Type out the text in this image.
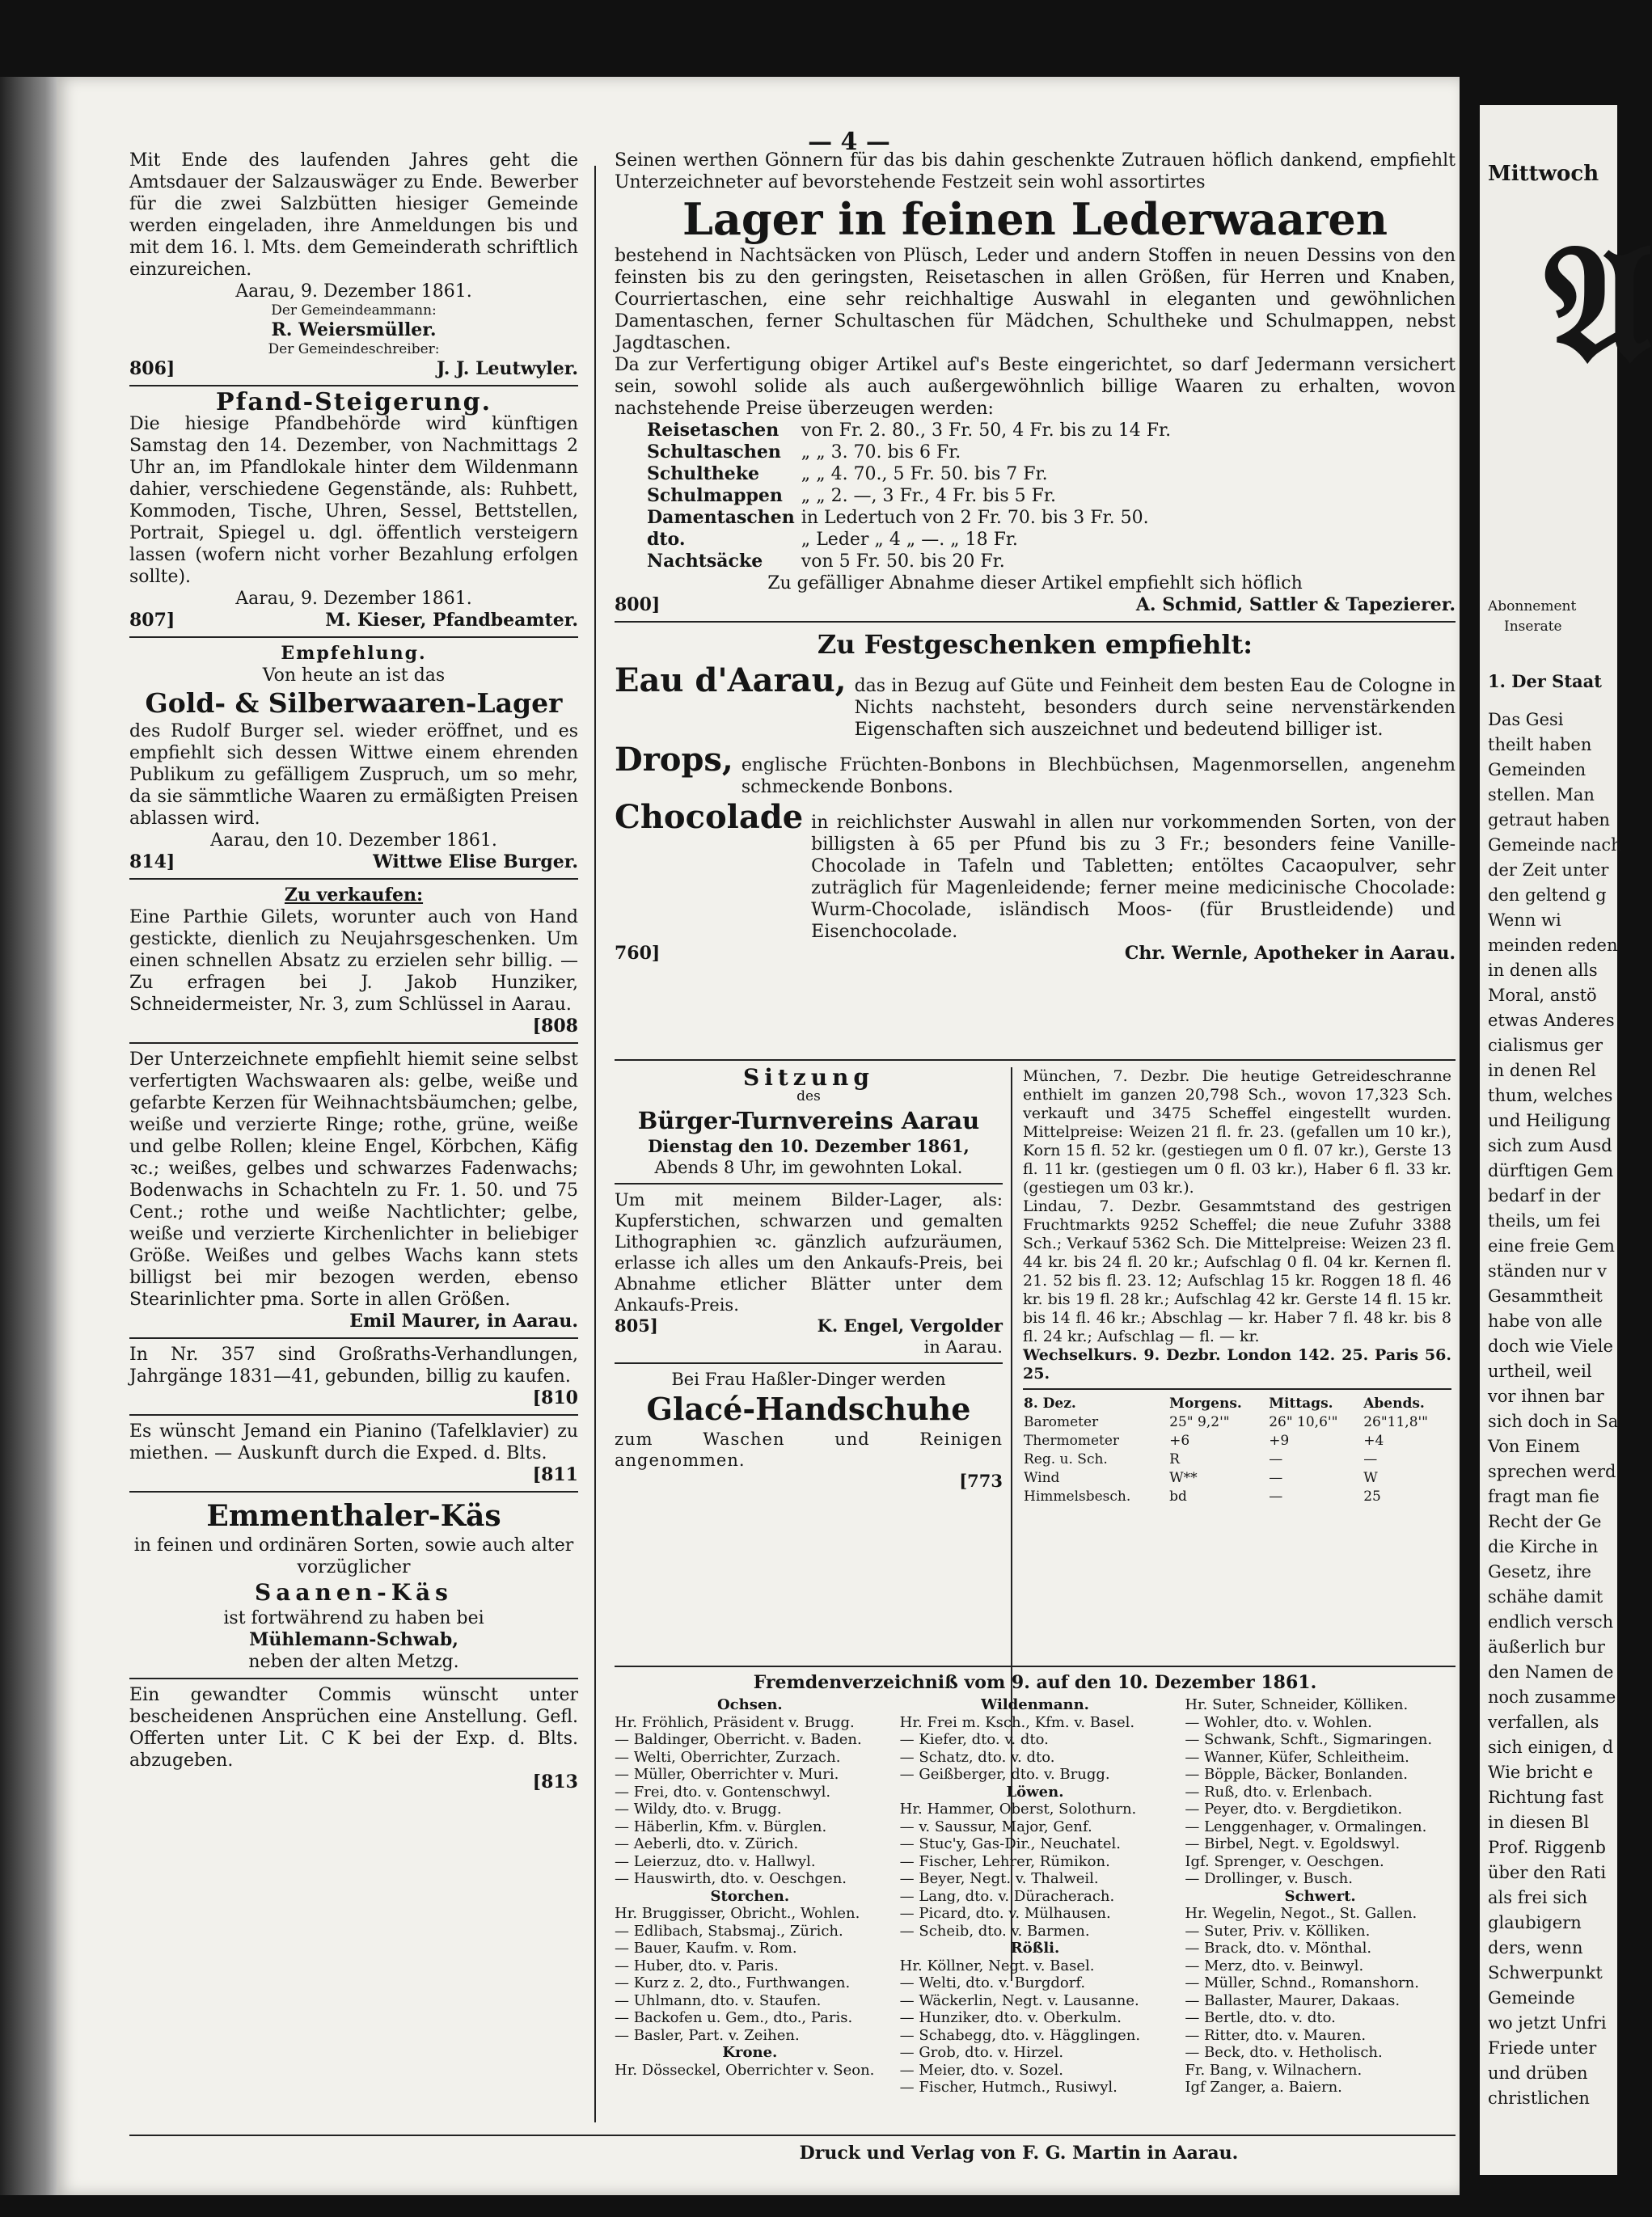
— 4 —
Mit Ende des laufenden Jahres geht die Amtsdauer der Salzauswäger zu Ende. Bewerber für die zwei Salzbütten hiesiger Gemeinde werden eingeladen, ihre Anmeldungen bis und mit dem 16. l. Mts. dem Gemeinderath schriftlich einzureichen.
Aarau, 9. Dezember 1861.
Der Gemeindeammann:
R. Weiersmüller.
Der Gemeindeschreiber:
806]	J. J. Leutwyler.
Pfand-Steigerung.
Die hiesige Pfandbehörde wird künftigen Samstag den 14. Dezember, von Nachmittags 2 Uhr an, im Pfandlokale hinter dem Wildenmann dahier, verschiedene Gegenstände, als: Ruhbett, Kommoden, Tische, Uhren, Sessel, Bettstellen, Portrait, Spiegel u. dgl. öffentlich versteigern lassen (wofern nicht vorher Bezahlung erfolgen sollte).
Aarau, 9. Dezember 1861.
807]	M. Kieser, Pfandbeamter.
Empfehlung.
Von heute an ist das
Gold- & Silberwaaren-Lager
des Rudolf Burger sel. wieder eröffnet, und es empfiehlt sich dessen Wittwe einem ehrenden Publikum zu gefälligem Zuspruch, um so mehr, da sie sämmtliche Waaren zu ermäßigten Preisen ablassen wird.
Aarau, den 10. Dezember 1861.
814]	Wittwe Elise Burger.
Zu verkaufen:
Eine Parthie Gilets, worunter auch von Hand gestickte, dienlich zu Neujahrsgeschenken. Um einen schnellen Absatz zu erzielen sehr billig. — Zu erfragen bei J. Jakob Hunziker, Schneidermeister, Nr. 3, zum Schlüssel in Aarau.
[808
Der Unterzeichnete empfiehlt hiemit seine selbst verfertigten Wachswaaren als: gelbe, weiße und gefarbte Kerzen für Weihnachtsbäumchen; gelbe, weiße und verzierte Ringe; rothe, grüne, weiße und gelbe Rollen; kleine Engel, Körbchen, Käfig ꝛc.; weißes, gelbes und schwarzes Fadenwachs; Bodenwachs in Schachteln zu Fr. 1. 50. und 75 Cent.; rothe und weiße Nachtlichter; gelbe, weiße und verzierte Kirchenlichter in beliebiger Größe. Weißes und gelbes Wachs kann stets billigst bei mir bezogen werden, ebenso Stearinlichter pma. Sorte in allen Größen.
Emil Maurer, in Aarau.
In Nr. 357 sind Großraths-Verhandlungen, Jahrgänge 1831—41, gebunden, billig zu kaufen.
[810
Es wünscht Jemand ein Pianino (Tafelklavier) zu miethen. — Auskunft durch die Exped. d. Blts.
[811
Emmenthaler-Käs
in feinen und ordinären Sorten, sowie auch alter vorzüglicher
Saanen-Käs
ist fortwährend zu haben bei
Mühlemann-Schwab,
neben der alten Metzg.
Ein gewandter Commis wünscht unter bescheidenen Ansprüchen eine Anstellung. Gefl. Offerten unter Lit. C K bei der Exp. d. Blts. abzugeben.
[813
Seinen werthen Gönnern für das bis dahin geschenkte Zutrauen höflich dankend, empfiehlt Unterzeichneter auf bevorstehende Festzeit sein wohl assortirtes
Lager in feinen Lederwaaren
bestehend in Nachtsäcken von Plüsch, Leder und andern Stoffen in neuen Dessins von den feinsten bis zu den geringsten, Reisetaschen in allen Größen, für Herren und Knaben, Courriertaschen, eine sehr reichhaltige Auswahl in eleganten und gewöhnlichen Damentaschen, ferner Schultaschen für Mädchen, Schultheke und Schulmappen, nebst Jagdtaschen.
Da zur Verfertigung obiger Artikel auf's Beste eingerichtet, so darf Jedermann versichert sein, sowohl solide als auch außergewöhnlich billige Waaren zu erhalten, wovon nachstehende Preise überzeugen werden:
Reisetaschen	von Fr. 2. 80., 3 Fr. 50, 4 Fr. bis zu 14 Fr.
Schultaschen	„ „ 3. 70. bis 6 Fr.
Schultheke	„ „ 4. 70., 5 Fr. 50. bis 7 Fr.
Schulmappen	„ „ 2. —, 3 Fr., 4 Fr. bis 5 Fr.
Damentaschen	in Ledertuch von 2 Fr. 70. bis 3 Fr. 50.
dto.	„ Leder „ 4 „ —. „ 18 Fr.
Nachtsäcke	von 5 Fr. 50. bis 20 Fr.
Zu gefälliger Abnahme dieser Artikel empfiehlt sich höflich
800]	A. Schmid, Sattler & Tapezierer.
Zu Festgeschenken empfiehlt:
Eau d'Aarau, das in Bezug auf Güte und Feinheit dem besten Eau de Cologne in Nichts nachsteht, besonders durch seine nervenstärkenden Eigenschaften sich auszeichnet und bedeutend billiger ist.
Drops, englische Früchten-Bonbons in Blechbüchsen, Magenmorsellen, angenehm schmeckende Bonbons.
Chocolade in reichlichster Auswahl in allen nur vorkommenden Sorten, von der billigsten à 65 per Pfund bis zu 3 Fr.; besonders feine Vanille-Chocolade in Tafeln und Tabletten; entöltes Cacaopulver, sehr zuträglich für Magenleidende; ferner meine medicinische Chocolade: Wurm-Chocolade, isländisch Moos- (für Brustleidende) und Eisenchocolade.
760]	Chr. Wernle, Apotheker in Aarau.
Sitzung
des
Bürger-Turnvereins Aarau
Dienstag den 10. Dezember 1861,
Abends 8 Uhr, im gewohnten Lokal.
Um mit meinem Bilder-Lager, als: Kupferstichen, schwarzen und gemalten Lithographien ꝛc. gänzlich aufzuräumen, erlasse ich alles um den Ankaufs-Preis, bei Abnahme etlicher Blätter unter dem Ankaufs-Preis.
805]	K. Engel, Vergolder
in Aarau.
Bei Frau Haßler-Dinger werden
Glacé-Handschuhe
zum Waschen und Reinigen angenommen.
[773
München, 7. Dezbr. Die heutige Getreideschranne enthielt im ganzen 20,798 Sch., wovon 17,323 Sch. verkauft und 3475 Scheffel eingestellt wurden. Mittelpreise: Weizen 21 fl. fr. 23. (gefallen um 10 kr.), Korn 15 fl. 52 kr. (gestiegen um 0 fl. 07 kr.), Gerste 13 fl. 11 kr. (gestiegen um 0 fl. 03 kr.), Haber 6 fl. 33 kr. (gestiegen um 03 kr.).
Lindau, 7. Dezbr. Gesammtstand des gestrigen Fruchtmarkts 9252 Scheffel; die neue Zufuhr 3388 Sch.; Verkauf 5362 Sch. Die Mittelpreise: Weizen 23 fl. 44 kr. bis 24 fl. 20 kr.; Aufschlag 0 fl. 04 kr. Kernen fl. 21. 52 bis fl. 23. 12; Aufschlag 15 kr. Roggen 18 fl. 46 kr. bis 19 fl. 28 kr.; Aufschlag 42 kr. Gerste 14 fl. 15 kr. bis 14 fl. 46 kr.; Abschlag — kr. Haber 7 fl. 48 kr. bis 8 fl. 24 kr.; Aufschlag — fl. — kr.
Wechselkurs. 9. Dezbr. London 142. 25. Paris 56. 25.
8. Dez.	Morgens.	Mittags.	Abends.
Barometer	25" 9,2'"	26" 10,6'"	26"11,8'"
Thermometer	+6	+9	+4
Reg. u. Sch.	R	—	—
Wind	W**	—	W
Himmelsbesch.	bd	—	25
Fremdenverzeichniß vom 9. auf den 10. Dezember 1861.
Ochsen.
Hr. Fröhlich, Präsident v. Brugg.
— Baldinger, Oberricht. v. Baden.
— Welti, Oberrichter, Zurzach.
— Müller, Oberrichter v. Muri.
— Frei, dto. v. Gontenschwyl.
— Wildy, dto. v. Brugg.
— Häberlin, Kfm. v. Bürglen.
— Aeberli, dto. v. Zürich.
— Leierzuz, dto. v. Hallwyl.
— Hauswirth, dto. v. Oeschgen.
Storchen.
Hr. Bruggisser, Obricht., Wohlen.
— Edlibach, Stabsmaj., Zürich.
— Bauer, Kaufm. v. Rom.
— Huber, dto. v. Paris.
— Kurz z. 2, dto., Furthwangen.
— Uhlmann, dto. v. Staufen.
— Backofen u. Gem., dto., Paris.
— Basler, Part. v. Zeihen.
Krone.
Hr. Dösseckel, Oberrichter v. Seon.
Wildenmann.
Hr. Frei m. Ksch., Kfm. v. Basel.
— Kiefer, dto. v. dto.
— Schatz, dto. v. dto.
— Geißberger, dto. v. Brugg.
Löwen.
Hr. Hammer, Oberst, Solothurn.
— v. Saussur, Major, Genf.
— Stuc'y, Gas-Dir., Neuchatel.
— Fischer, Lehrer, Rümikon.
— Beyer, Negt. v. Thalweil.
— Lang, dto. v. Düracherach.
— Picard, dto. v. Mülhausen.
— Scheib, dto. v. Barmen.
Rößli.
Hr. Köllner, Negt. v. Basel.
— Welti, dto. v. Burgdorf.
— Wäckerlin, Negt. v. Lausanne.
— Hunziker, dto. v. Oberkulm.
— Schabegg, dto. v. Hägglingen.
— Grob, dto. v. Hirzel.
— Meier, dto. v. Sozel.
— Fischer, Hutmch., Rusiwyl.
Hr. Suter, Schneider, Kölliken.
— Wohler, dto. v. Wohlen.
— Schwank, Schft., Sigmaringen.
— Wanner, Küfer, Schleitheim.
— Böpple, Bäcker, Bonlanden.
— Ruß, dto. v. Erlenbach.
— Peyer, dto. v. Bergdietikon.
— Lenggenhager, v. Ormalingen.
— Birbel, Negt. v. Egoldswyl.
Igf. Sprenger, v. Oeschgen.
— Drollinger, v. Busch.
Schwert.
Hr. Wegelin, Negot., St. Gallen.
— Suter, Priv. v. Kölliken.
— Brack, dto. v. Mönthal.
— Merz, dto. v. Beinwyl.
— Müller, Schnd., Romanshorn.
— Ballaster, Maurer, Dakaas.
— Bertle, dto. v. dto.
— Ritter, dto. v. Mauren.
— Beck, dto. v. Hetholisch.
Fr. Bang, v. Wilnachern.
Igf Zanger, a. Baiern.
Druck und Verlag von F. G. Martin in Aarau.
Mittwoch
𝔄
Abonnement
Inserate
1. Der Staat
Das Gesi
theilt haben
Gemeinden
stellen. Man
getraut haben
Gemeinde nach
der Zeit unter
den geltend g
Wenn wi
meinden reden
in denen alls
Moral, anstö
etwas Anderes
cialismus ger
in denen Rel
thum, welches
und Heiligung
sich zum Ausd
dürftigen Gem
bedarf in der
theils, um fei
eine freie Gem
ständen nur v
Gesammtheit
habe von alle
doch wie Viele
urtheil, weil
vor ihnen bar
sich doch in Sa
Von Einem
sprechen werd
fragt man fie
Recht der Ge
die Kirche in
Gesetz, ihre
schähe damit
endlich versch
äußerlich bur
den Namen de
noch zusamme
verfallen, als
sich einigen, d
Wie bricht e
Richtung fast
in diesen Bl
Prof. Riggenb
über den Rati
als frei sich
glaubigern
ders, wenn
Schwerpunkt
Gemeinde
wo jetzt Unfri
Friede unter
und drüben
christlichen
